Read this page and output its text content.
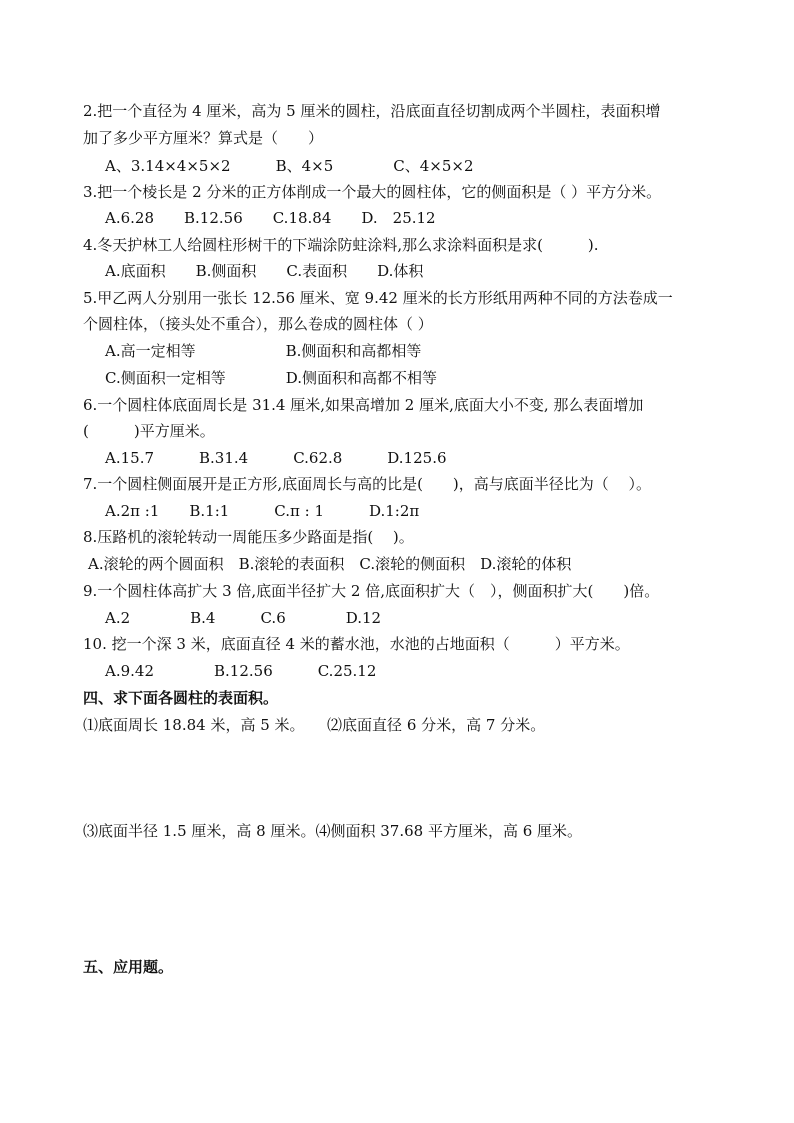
2.把一个直径为 4 厘米，高为 5 厘米的圆柱，沿底面直径切割成两个半圆柱，表面积增
加了多少平方厘米？算式是（　　）
A、3.14×4×5×2　　　B、4×5　　　　C、4×5×2
3.把一个棱长是 2 分米的正方体削成一个最大的圆柱体，它的侧面积是（ ）平方分米。
A.6.28　　B.12.56　　C.18.84　　D.　25.12
4.冬天护林工人给圆柱形树干的下端涂防蛀涂料,那么求涂料面积是求(　　　).
A.底面积　　B.侧面积　　C.表面积　　D.体积
5.甲乙两人分别用一张长 12.56 厘米、宽 9.42 厘米的长方形纸用两种不同的方法卷成一
个圆柱体，（接头处不重合），那么卷成的圆柱体（ ）
A.高一定相等　　　　　　B.侧面积和高都相等
C.侧面积一定相等　　　　D.侧面积和高都不相等
6.一个圆柱体底面周长是 31.4 厘米,如果高增加 2 厘米,底面大小不变, 那么表面增加
(　　　)平方厘米。
A.15.7　　　B.31.4　　　C.62.8　　　D.125.6
7.一个圆柱侧面展开是正方形,底面周长与高的比是(　　)，高与底面半径比为（　 ）。
A.2π :1　　B.1:1　　　C.π : 1　　　D.1:2π
8.压路机的滚轮转动一周能压多少路面是指(　 )。
A.滚轮的两个圆面积　B.滚轮的表面积　C.滚轮的侧面积　D.滚轮的体积
9.一个圆柱体高扩大 3 倍,底面半径扩大 2 倍,底面积扩大（　），侧面积扩大(　　)倍。
A.2　　　　B.4　　　C.6　　　　D.12
10. 挖一个深 3 米，底面直径 4 米的蓄水池，水池的占地面积（　　　）平方米。
A.9.42　　　　B.12.56　　　C.25.12
四、求下面各圆柱的表面积。
⑴底面周长 18.84 米，高 5 米。　　⑵底面直径 6 分米，高 7 分米。
⑶底面半径 1.5 厘米，高 8 厘米。⑷侧面积 37.68 平方厘米，高 6 厘米。
五、应用题。
